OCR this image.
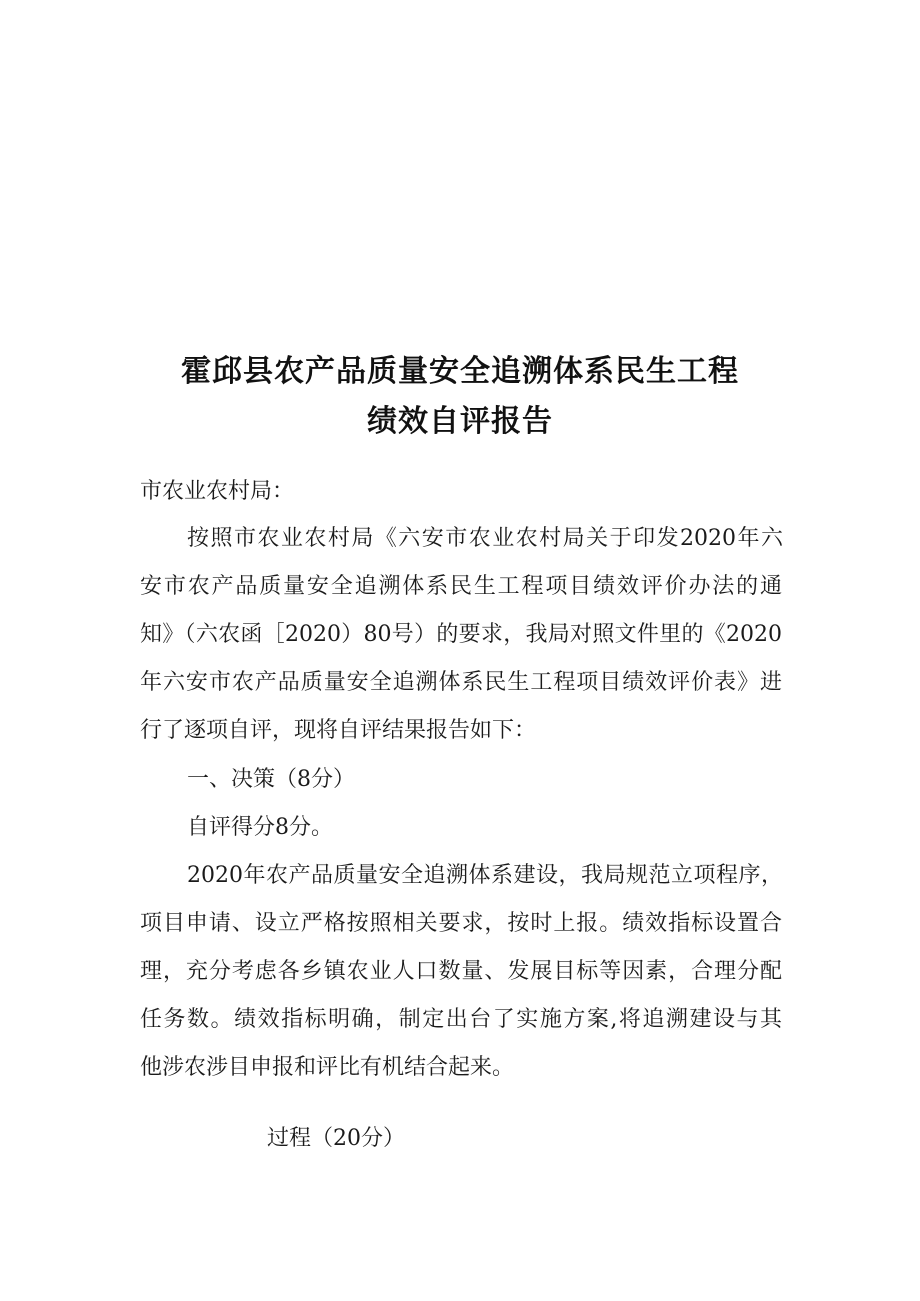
霍邱县农产品质量安全追溯体系民生工程
绩效自评报告
市农业农村局：
按照市农业农村局《六安市农业农村局关于印发2020年六
安市农产品质量安全追溯体系民生工程项目绩效评价办法的通
知》（六农函［2020）80号）的要求，我局对照文件里的《2020
年六安市农产品质量安全追溯体系民生工程项目绩效评价表》进
行了逐项自评，现将自评结果报告如下：
一、决策（8分）
自评得分8分。
2020年农产品质量安全追溯体系建设，我局规范立项程序，
项目申请、设立严格按照相关要求，按时上报。绩效指标设置合
理，充分考虑各乡镇农业人口数量、发展目标等因素，合理分配
任务数。绩效指标明确，制定出台了实施方案,将追溯建设与其
他涉农涉目申报和评比有机结合起来。
过程（20分）
